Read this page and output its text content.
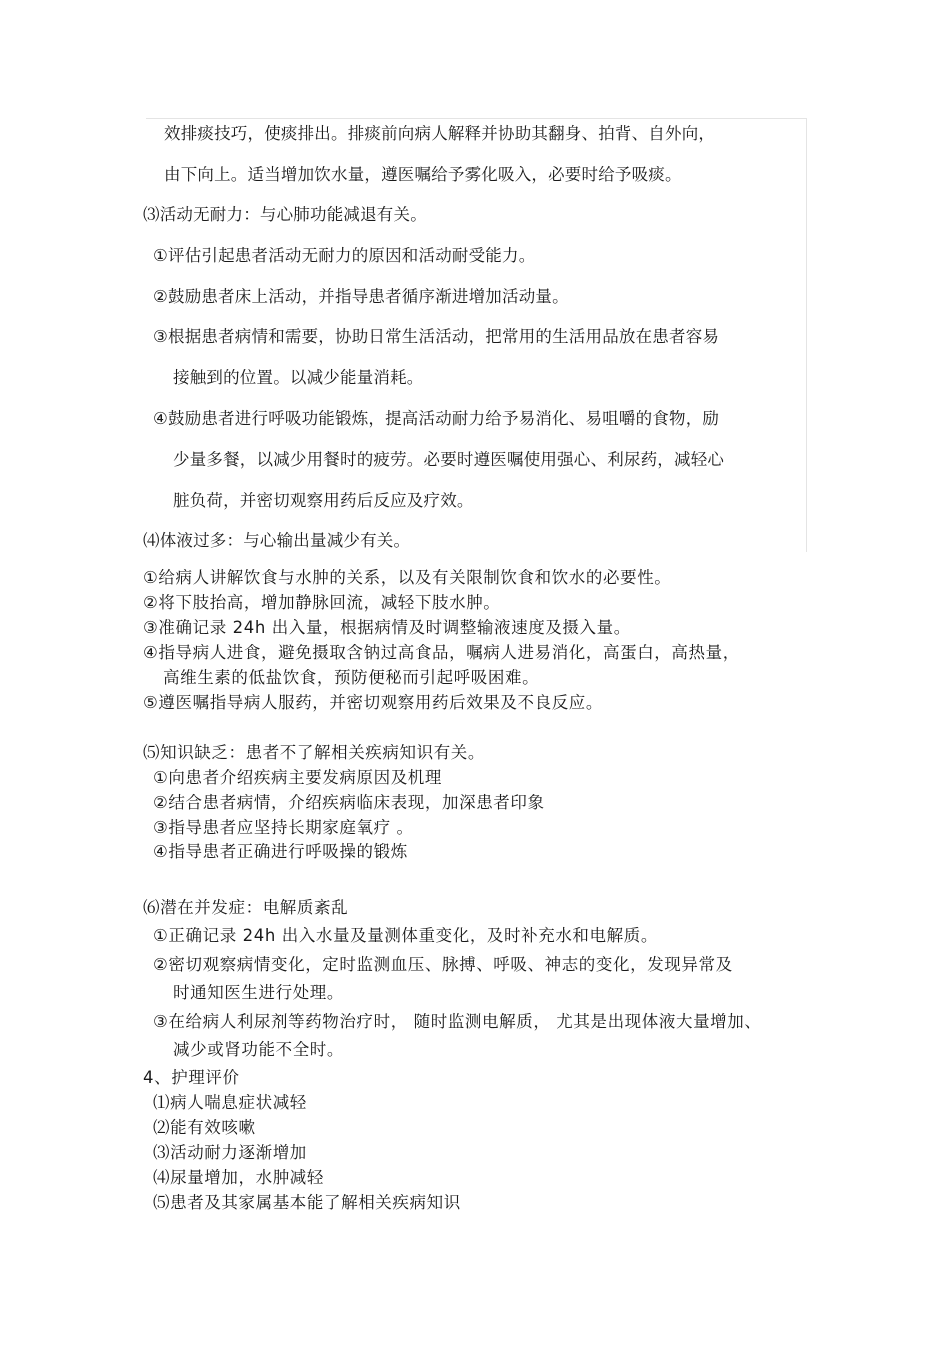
效排痰技巧，使痰排出。排痰前向病人解释并协助其翻身、拍背、自外向，
由下向上。适当增加饮水量，遵医嘱给予雾化吸入，必要时给予吸痰。
⑶活动无耐力：与心肺功能减退有关。
①评估引起患者活动无耐力的原因和活动耐受能力。
②鼓励患者床上活动，并指导患者循序渐进增加活动量。
③根据患者病情和需要，协助日常生活活动，把常用的生活用品放在患者容易
接触到的位置。以减少能量消耗。
④鼓励患者进行呼吸功能锻炼，提高活动耐力给予易消化、易咀嚼的食物，励
少量多餐，以减少用餐时的疲劳。必要时遵医嘱使用强心、利尿药，减轻心
脏负荷，并密切观察用药后反应及疗效。
⑷体液过多：与心输出量减少有关。
①给病人讲解饮食与水肿的关系，以及有关限制饮食和饮水的必要性。
②将下肢抬高，增加静脉回流，减轻下肢水肿。
③准确记录 24h 出入量，根据病情及时调整输液速度及摄入量。
④指导病人进食，避免摄取含钠过高食品，嘱病人进易消化，高蛋白，高热量，
高维生素的低盐饮食，预防便秘而引起呼吸困难。
⑤遵医嘱指导病人服药，并密切观察用药后效果及不良反应。
⑸知识缺乏：患者不了解相关疾病知识有关。
①向患者介绍疾病主要发病原因及机理
②结合患者病情，介绍疾病临床表现，加深患者印象
③指导患者应坚持长期家庭氧疗 。
④指导患者正确进行呼吸操的锻炼
⑹潜在并发症：电解质紊乱
①正确记录 24h 出入水量及量测体重变化，及时补充水和电解质。
②密切观察病情变化，定时监测血压、脉搏、呼吸、神志的变化，发现异常及
时通知医生进行处理。
③在给病人利尿剂等药物治疗时， 随时监测电解质， 尤其是出现体液大量增加、
减少或肾功能不全时。
4、护理评价
⑴病人喘息症状减轻
⑵能有效咳嗽
⑶活动耐力逐渐增加
⑷尿量增加，水肿减轻
⑸患者及其家属基本能了解相关疾病知识
